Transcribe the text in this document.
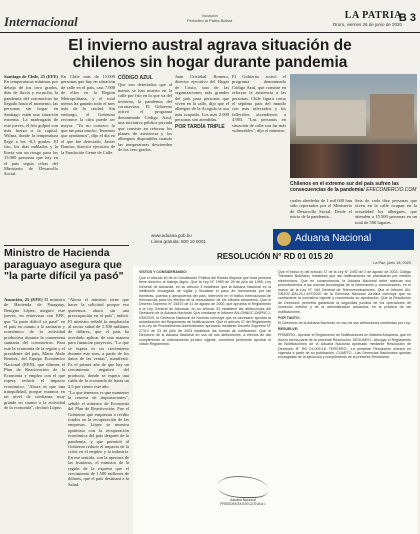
Internacional	Vocación
Periódico la Patria Bolivia	LA PATRIA
Oruro, viernes 26 de junio de 2020
B 3
El invierno austral agrava situación de
chilenos sin hogar durante pandemia

Santiago de Chile, 25 (EFE) En temperaturas mínimas por debajo de los cero grados, días de lluvia y escarcha, la pandemia del coronavirus ha llegado hasta el momento, las personas sin hogar en Santiago están una situación extrema. La madrugada de este jueves, el frío golpeó con más fuerza a la capital. Wilma, donde la temperatura llegó a los -0,3 grados. El frío, los días nublados y la lluvia son un riesgo para los 15.000 personas que hay en el país según cifras del Ministerio de Desarrollo Social.

En Chile más de 15.000 personas que hay en situación de calle en el país, casi 7.000 de ellos en la Región Metropolitana, y el total menos ha ganado todo el mes más de la ciudad. Sin embargo, el Gobierno reconoce la cifra puede ser mayor. "Yo no conozco lo que me pasa mucho. Tenemos que ayudarnos", dijo el día en el que fue detectado, Javier Ramiro, director ejecutivo de la Fundación Gente de Calle.

CÓDIGO AZUL

Que son detectados que al menos se han muerto en la calle por frío en lo que va del invierno, la pandemia del coronavirus. El Gobierno activó el programa denominado Código Azul, una iniciativa pública privada que consiste en reforzar los planes de asistencia y los albergues disponibles cuando las temperaturas descienden de los cero grados.

Juan Cristóbal Romero, director ejecutivo del Hogar de Cristo, una de las organizaciones más grandes del país para personas que viven en la calle, dijo que el albergue de la Acogida se usa más ocupado. Los más 2.000 personas son atendidas.

POR TARDÍA TRIPLE

El Gobierno activó el programa denominado Código Azul, que consiste en reforzar la asistencia a las personas. Chile figura como el séptimo país del mundo con más infectados y los fallecidos ascendieron a 4.903. "Las personas en situación de calle son las más vulnerables", dijo el ministro.

Chilenos en el extremo sur del país sufren las consecuencias de la pandemia/ EFECOMERCIO.COM

cuales alrededor de 1 mil 600 han sido reportados por el Ministerio de Desarrollo Social, Desde el inicio de la pandemia...

Seis de cada diez personas que viven en la calle ocupan en la actualidad los albergues, que atienden a 15.500 personas en un total de 500 lugares.

Ministro de Hacienda paraguayo asegura que "la parte difícil ya pasó"

Asunción, 25 (EFE) El ministro de Hacienda de Paraguay, Benigno López, aseguró este jueves, en entrevista con EFE, que "la parte difícil ya pasó" en el país en cuanto a lo sanitario y económico de la actividad productiva durante la cuarentena sanitaria del coronavirus. Para este la economía de la región y el presidente del país, Mario Abdo Benítez, del Equipo Económico Nacional (EEN), que últimas el Plan de Reactivación de la Economía y empleo con el que espera reducir el impacto económico. "Ahora es que una tranquilidad, porque estamos en un nivel de confianza muy grande en cuanto a la actividad de la economía", declaró López.

"Ahora el ministro tiene que hacer la solicitud porque eso queremos ahora sin una preocupación en el país", indicó. El ministro señaló la ampliación al sector salud de 1.500 millones de dólares, que el país ha acordado aplicar de una manera para financiar proyectos. "Lo que se espera es un crecimiento durante este mes, a partir de los datos de las ventas", manifestó. Es el primer año de que hay un crecimiento negativo del producto, donde se espera una caída de la economía de hasta un 2,5 por ciento este año.

"Lo que tenemos es que mantener la reserva de importaciones", señaló el ministro de Economía del Plan de Reactivación. Fue el Gobierno que empiezan a recibir fondos en la recuperación de las empresas. López se muestra optimista con la recuperación económica del país después de la pandemia, y que permitió al Gobierno reducir el impacto de la crisis en el empleo y la industria. En ese sentido, con la apertura de las fronteras, el ministro de la región de la expresa que el crecimiento de 1.500 millones de dólares, que el país destinará a la Salud.

www.aduana.gob.bo
Línea gratuita: 800 10 6001	Aduana Nacional
RESOLUCIÓN N° RD 01 015 20
La Paz, junio 18, 2020

VISTOS Y CONSIDERANDO:

Que el artículo 46 de la Constitución Política del Estado dispone que toda persona tiene derecho al trabajo digno. Que la Ley N° 1990 de 28 de julio de 1999, Ley General de Aduanas, en su artículo 3 establece que la Aduana Nacional es la institución encargada de vigilar y fiscalizar el paso de mercancías por las fronteras, puertos y aeropuertos del país, intervenir en el tráfico internacional de mercancías para los efectos de la recaudación de los tributos aduaneros. Que el Decreto Supremo N° 25870 de 11 de agosto de 2000, que aprueba el Reglamento a la Ley General de Aduanas, en su artículo 33 establece las atribuciones del Directorio de la Aduana Nacional. Que mediante el Informe AN-GNNGC-DNPNC-I-039/2020, la Gerencia Nacional de Normas concluye que es necesario aprobar la actualización del Reglamento de Notificaciones. Que el artículo 37 del Reglamento a la Ley de Procedimiento Administrativo aprobado mediante Decreto Supremo N° 27113 de 23 de julio de 2003 establece las formas de notificación. Que el Directorio de la Aduana Nacional en uso de sus atribuciones, a efectos de dar cumplimiento al ordenamiento jurídico vigente, considera pertinente aprobar el citado Reglamento.

Que el inciso e) del artículo 37 de la Ley N° 2492 de 2 de agosto de 2003, Código Tributario Boliviano, establece que las notificaciones se practicarán por medios electrónicos. Que en consecuencia, la Aduana Nacional debe adecuar sus procedimientos a las nuevas tecnologías de la información y comunicación, en el marco de la Ley N° 164 General de Telecomunicaciones. Que el Informe AN-GNJGC-DALJC-I-497/2020 de la Gerencia Nacional Jurídica concluye que no contraviene la normativa vigente y recomienda su aprobación. Que la Resolución de Directorio permitirá garantizar la seguridad jurídica de los operadores de comercio exterior y de la administración aduanera, en la práctica de las notificaciones.

POR TANTO:

El Directorio de la Aduana Nacional, en uso de sus atribuciones conferidas por Ley;

RESUELVE:

PRIMERO.- Aprobar el Reglamento de Notificaciones en Materia Aduanera, que en Anexo forma parte de la presente Resolución. SEGUNDO.- Abrogar el Reglamento de Notificaciones de la Aduana Nacional aprobado mediante Resolución de Directorio N° RD 01-009-16. TERCERO.- La presente Resolución entrará en vigencia a partir de su publicación. CUARTO.- Las Gerencias Nacionales quedan encargadas de la ejecución y cumplimiento de la presente Resolución.

Aduana Nacional
PRESIDENTA EJECUTIVA a.i.
